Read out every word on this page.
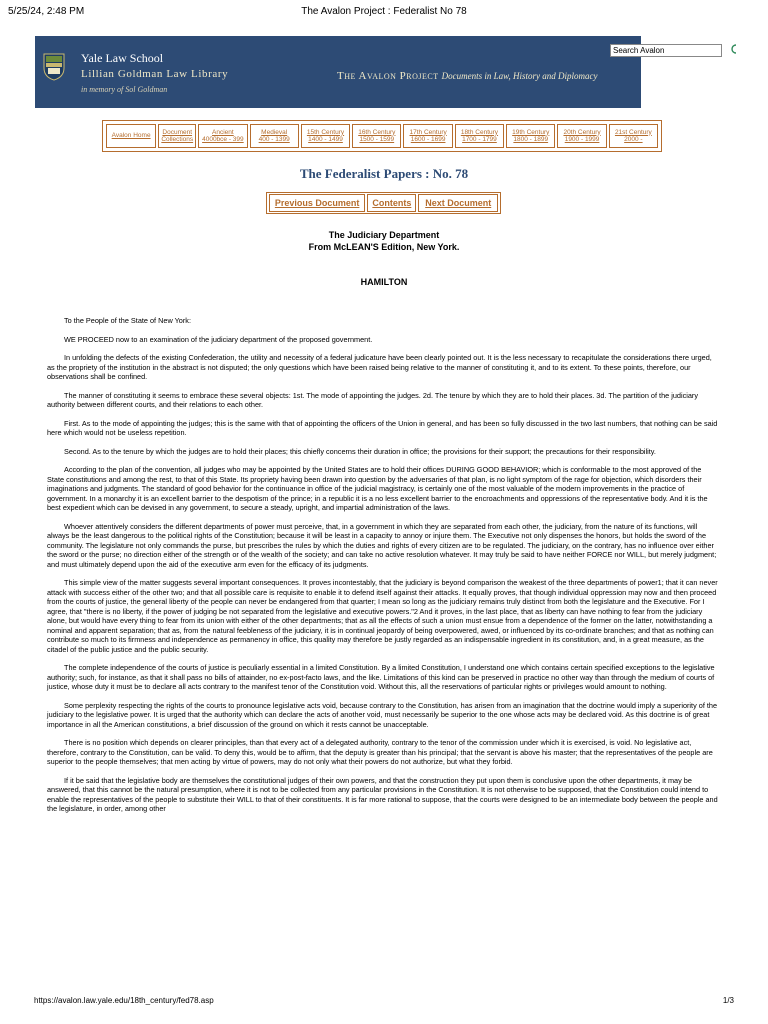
5/25/24, 2:48 PM	The Avalon Project : Federalist No 78
Yale Law School
Lillian Goldman Law Library
in memory of Sol Goldman
The Avalon Project Documents in Law, History and Diplomacy
Search Avalon
Avalon Home
Document
Collections
Ancient
4000bce - 399
Medieval
400 - 1399
15th Century
1400 - 1499
16th Century
1500 - 1599
17th Century
1600 - 1699
18th Century
1700 - 1799
19th Century
1800 - 1899
20th Century
1900 - 1999
21st Century
2000 -
The Federalist Papers : No. 78
Previous Document	Contents	Next Document
The Judiciary Department
From McLEAN'S Edition, New York.
HAMILTON

To the People of the State of New York:

WE PROCEED now to an examination of the judiciary department of the proposed government.

In unfolding the defects of the existing Confederation, the utility and necessity of a federal judicature have been clearly pointed out. It is the less necessary to recapitulate the considerations there urged, as the propriety of the institution in the abstract is not disputed; the only questions which have been raised being relative to the manner of constituting it, and to its extent. To these points, therefore, our observations shall be confined.

The manner of constituting it seems to embrace these several objects: 1st. The mode of appointing the judges. 2d. The tenure by which they are to hold their places. 3d. The partition of the judiciary authority between different courts, and their relations to each other.

First. As to the mode of appointing the judges; this is the same with that of appointing the officers of the Union in general, and has been so fully discussed in the two last numbers, that nothing can be said here which would not be useless repetition.

Second. As to the tenure by which the judges are to hold their places; this chiefly concerns their duration in office; the provisions for their support; the precautions for their responsibility.

According to the plan of the convention, all judges who may be appointed by the United States are to hold their offices DURING GOOD BEHAVIOR; which is conformable to the most approved of the State constitutions and among the rest, to that of this State. Its propriety having been drawn into question by the adversaries of that plan, is no light symptom of the rage for objection, which disorders their imaginations and judgments. The standard of good behavior for the continuance in office of the judicial magistracy, is certainly one of the most valuable of the modern improvements in the practice of government. In a monarchy it is an excellent barrier to the despotism of the prince; in a republic it is a no less excellent barrier to the encroachments and oppressions of the representative body. And it is the best expedient which can be devised in any government, to secure a steady, upright, and impartial administration of the laws.

Whoever attentively considers the different departments of power must perceive, that, in a government in which they are separated from each other, the judiciary, from the nature of its functions, will always be the least dangerous to the political rights of the Constitution; because it will be least in a capacity to annoy or injure them. The Executive not only dispenses the honors, but holds the sword of the community. The legislature not only commands the purse, but prescribes the rules by which the duties and rights of every citizen are to be regulated. The judiciary, on the contrary, has no influence over either the sword or the purse; no direction either of the strength or of the wealth of the society; and can take no active resolution whatever. It may truly be said to have neither FORCE nor WILL, but merely judgment; and must ultimately depend upon the aid of the executive arm even for the efficacy of its judgments.

This simple view of the matter suggests several important consequences. It proves incontestably, that the judiciary is beyond comparison the weakest of the three departments of power1; that it can never attack with success either of the other two; and that all possible care is requisite to enable it to defend itself against their attacks. It equally proves, that though individual oppression may now and then proceed from the courts of justice, the general liberty of the people can never be endangered from that quarter; I mean so long as the judiciary remains truly distinct from both the legislature and the Executive. For I agree, that "there is no liberty, if the power of judging be not separated from the legislative and executive powers."2 And it proves, in the last place, that as liberty can have nothing to fear from the judiciary alone, but would have every thing to fear from its union with either of the other departments; that as all the effects of such a union must ensue from a dependence of the former on the latter, notwithstanding a nominal and apparent separation; that as, from the natural feebleness of the judiciary, it is in continual jeopardy of being overpowered, awed, or influenced by its co-ordinate branches; and that as nothing can contribute so much to its firmness and independence as permanency in office, this quality may therefore be justly regarded as an indispensable ingredient in its constitution, and, in a great measure, as the citadel of the public justice and the public security.

The complete independence of the courts of justice is peculiarly essential in a limited Constitution. By a limited Constitution, I understand one which contains certain specified exceptions to the legislative authority; such, for instance, as that it shall pass no bills of attainder, no ex-post-facto laws, and the like. Limitations of this kind can be preserved in practice no other way than through the medium of courts of justice, whose duty it must be to declare all acts contrary to the manifest tenor of the Constitution void. Without this, all the reservations of particular rights or privileges would amount to nothing.

Some perplexity respecting the rights of the courts to pronounce legislative acts void, because contrary to the Constitution, has arisen from an imagination that the doctrine would imply a superiority of the judiciary to the legislative power. It is urged that the authority which can declare the acts of another void, must necessarily be superior to the one whose acts may be declared void. As this doctrine is of great importance in all the American constitutions, a brief discussion of the ground on which it rests cannot be unacceptable.

There is no position which depends on clearer principles, than that every act of a delegated authority, contrary to the tenor of the commission under which it is exercised, is void. No legislative act, therefore, contrary to the Constitution, can be valid. To deny this, would be to affirm, that the deputy is greater than his principal; that the servant is above his master; that the representatives of the people are superior to the people themselves; that men acting by virtue of powers, may do not only what their powers do not authorize, but what they forbid.

If it be said that the legislative body are themselves the constitutional judges of their own powers, and that the construction they put upon them is conclusive upon the other departments, it may be answered, that this cannot be the natural presumption, where it is not to be collected from any particular provisions in the Constitution. It is not otherwise to be supposed, that the Constitution could intend to enable the representatives of the people to substitute their WILL to that of their constituents. It is far more rational to suppose, that the courts were designed to be an intermediate body between the people and the legislature, in order, among other

https://avalon.law.yale.edu/18th_century/fed78.asp	1/3
